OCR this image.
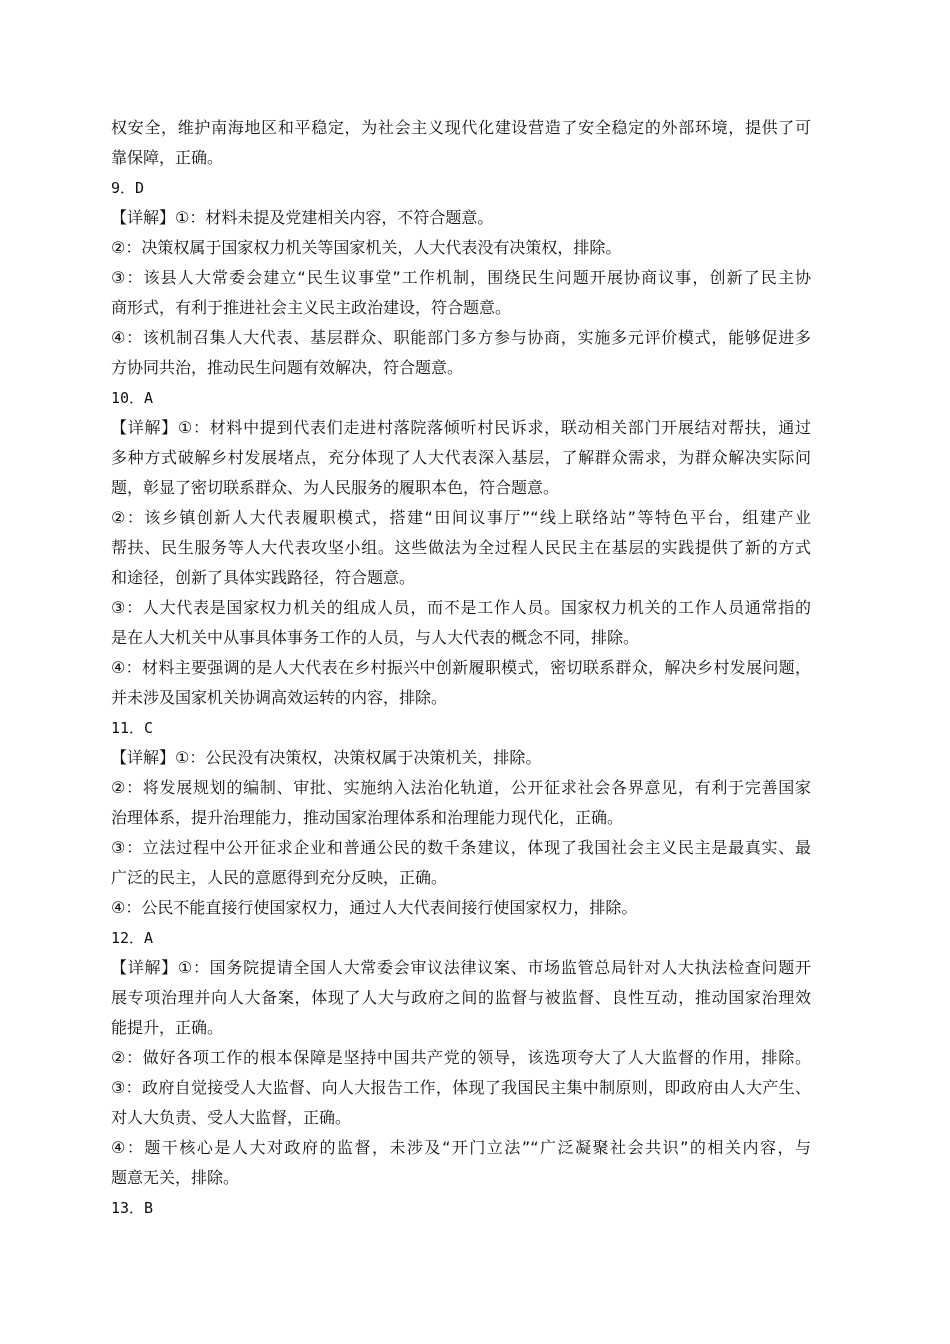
权安全，维护南海地区和平稳定，为社会主义现代化建设营造了安全稳定的外部环境，提供了可
靠保障，正确。
9．D
【详解】①：材料未提及党建相关内容，不符合题意。
②：决策权属于国家权力机关等国家机关，人大代表没有决策权，排除。
③：该县人大常委会建立“民生议事堂”工作机制，围绕民生问题开展协商议事，创新了民主协
商形式，有利于推进社会主义民主政治建设，符合题意。
④：该机制召集人大代表、基层群众、职能部门多方参与协商，实施多元评价模式，能够促进多
方协同共治，推动民生问题有效解决，符合题意。
10．A
【详解】①：材料中提到代表们走进村落院落倾听村民诉求，联动相关部门开展结对帮扶，通过
多种方式破解乡村发展堵点，充分体现了人大代表深入基层，了解群众需求，为群众解决实际问
题，彰显了密切联系群众、为人民服务的履职本色，符合题意。
②：该乡镇创新人大代表履职模式，搭建“田间议事厅”“线上联络站”等特色平台，组建产业
帮扶、民生服务等人大代表攻坚小组。这些做法为全过程人民民主在基层的实践提供了新的方式
和途径，创新了具体实践路径，符合题意。
③：人大代表是国家权力机关的组成人员，而不是工作人员。国家权力机关的工作人员通常指的
是在人大机关中从事具体事务工作的人员，与人大代表的概念不同，排除。
④：材料主要强调的是人大代表在乡村振兴中创新履职模式，密切联系群众，解决乡村发展问题，
并未涉及国家机关协调高效运转的内容，排除。
11．C
【详解】①：公民没有决策权，决策权属于决策机关，排除。
②：将发展规划的编制、审批、实施纳入法治化轨道，公开征求社会各界意见，有利于完善国家
治理体系，提升治理能力，推动国家治理体系和治理能力现代化，正确。
③：立法过程中公开征求企业和普通公民的数千条建议，体现了我国社会主义民主是最真实、最
广泛的民主，人民的意愿得到充分反映，正确。
④：公民不能直接行使国家权力，通过人大代表间接行使国家权力，排除。
12．A
【详解】①：国务院提请全国人大常委会审议法律议案、市场监管总局针对人大执法检查问题开
展专项治理并向人大备案，体现了人大与政府之间的监督与被监督、良性互动，推动国家治理效
能提升，正确。
②：做好各项工作的根本保障是坚持中国共产党的领导，该选项夸大了人大监督的作用，排除。
③：政府自觉接受人大监督、向人大报告工作，体现了我国民主集中制原则，即政府由人大产生、
对人大负责、受人大监督，正确。
④：题干核心是人大对政府的监督，未涉及“开门立法”“广泛凝聚社会共识”的相关内容，与
题意无关，排除。
13．B
